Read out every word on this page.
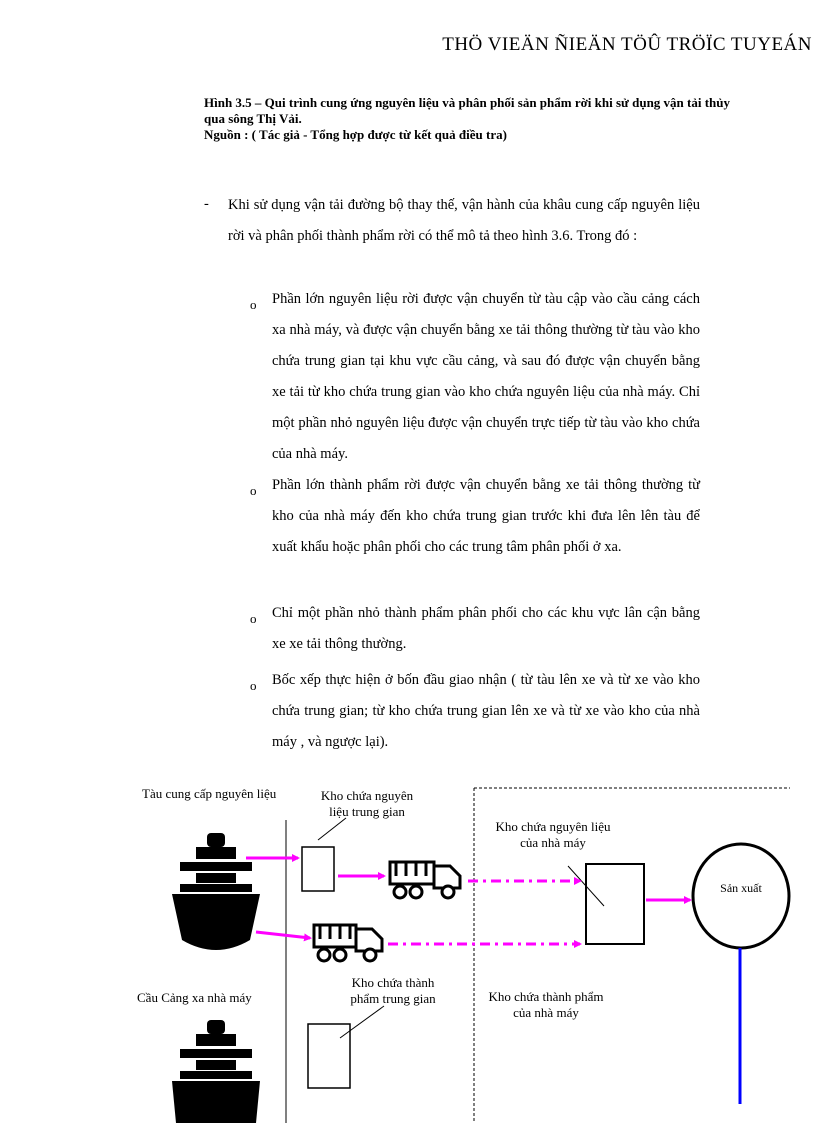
THÖ VIEÄN ÑIEÄN TÖÛ TRÖÏC TUYEÁN
Hình 3.5 – Qui trình cung ứng nguyên liệu và phân phối sản phẩm rời khi sử dụng vận tải thủy qua sông Thị Vải.
Nguồn : ( Tác giả - Tổng hợp được từ kết quả điều tra)
- Khi sử dụng vận tải đường bộ thay thế, vận hành của khâu cung cấp nguyên liệu rời và phân phối thành phẩm rời có thể mô tả theo hình 3.6. Trong đó :
o Phần lớn nguyên liệu rời được vận chuyển từ tàu cập vào cầu cảng cách xa nhà máy, và được vận chuyển bằng xe tải thông thường từ tàu vào kho chứa trung gian tại khu vực cầu cảng, và sau đó được vận chuyển bằng xe tải từ kho chứa trung gian vào kho chứa nguyên liệu của nhà máy. Chỉ một phần nhỏ nguyên liệu được vận chuyển trực tiếp từ tàu vào kho chứa của nhà máy.
o Phần lớn thành phẩm rời được vận chuyển bằng xe tải thông thường từ kho của nhà máy đến kho chứa trung gian trước khi đưa lên lên tàu để xuất khẩu hoặc phân phối cho các trung tâm phân phối ở xa.
o Chỉ một phần nhỏ thành phẩm phân phối cho các khu vực lân cận bằng xe xe tải thông thường.
o Bốc xếp thực hiện ở bốn đầu giao nhận ( từ tàu lên xe và từ xe vào kho chứa trung gian; từ kho chứa trung gian lên xe và từ xe vào kho của nhà máy , và ngược lại).
Tàu cung cấp nguyên liệu
Cầu Cảng xa nhà máy
Kho chứa nguyên liệu trung gian
Kho chứa thành phẩm trung gian
Kho chứa nguyên liệu của nhà máy
Kho chứa thành phẩm của nhà máy
Sản xuất
